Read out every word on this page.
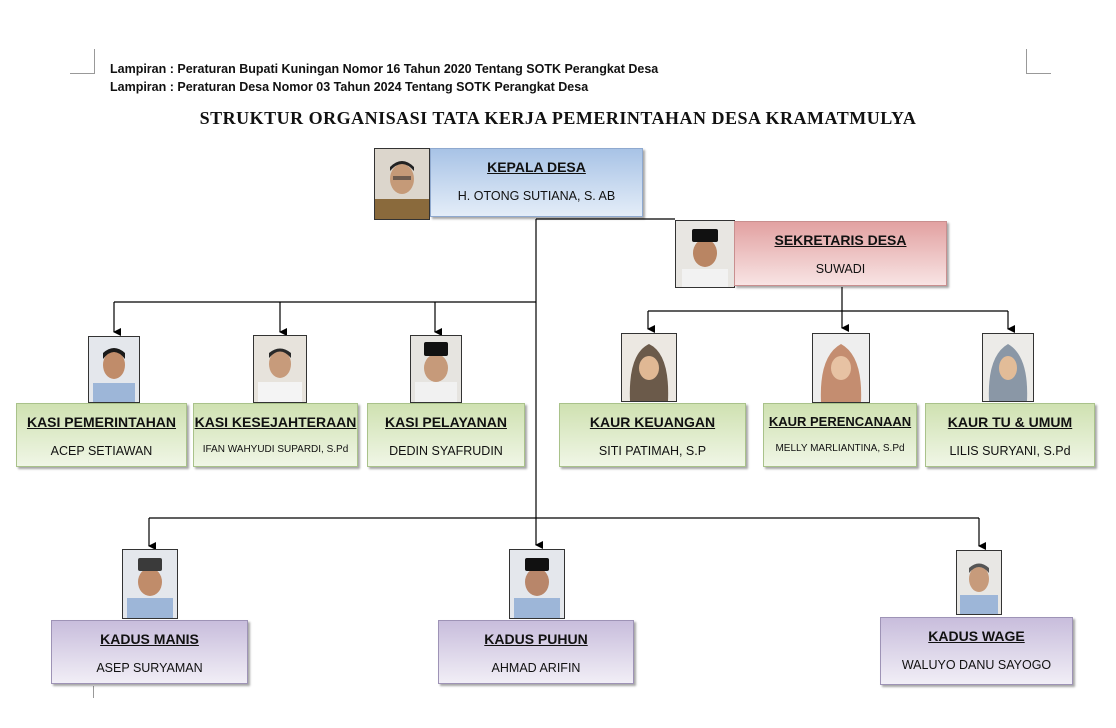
Lampiran : Peraturan Bupati Kuningan Nomor 16 Tahun 2020 Tentang SOTK Perangkat Desa
Lampiran : Peraturan Desa Nomor 03 Tahun 2024 Tentang SOTK Perangkat Desa
STRUKTUR ORGANISASI TATA KERJA PEMERINTAHAN DESA KRAMATMULYA
KEPALA DESA
H. OTONG SUTIANA, S. AB
SEKRETARIS DESA
SUWADI
KASI PEMERINTAHAN
ACEP SETIAWAN
KASI KESEJAHTERAAN
IFAN WAHYUDI SUPARDI, S.Pd
KASI PELAYANAN
DEDIN SYAFRUDIN
KAUR KEUANGAN
SITI PATIMAH, S.P
KAUR PERENCANAAN
MELLY MARLIANTINA, S.Pd
KAUR TU & UMUM
LILIS SURYANI, S.Pd
KADUS MANIS
ASEP SURYAMAN
KADUS PUHUN
AHMAD ARIFIN
KADUS WAGE
WALUYO DANU SAYOGO
